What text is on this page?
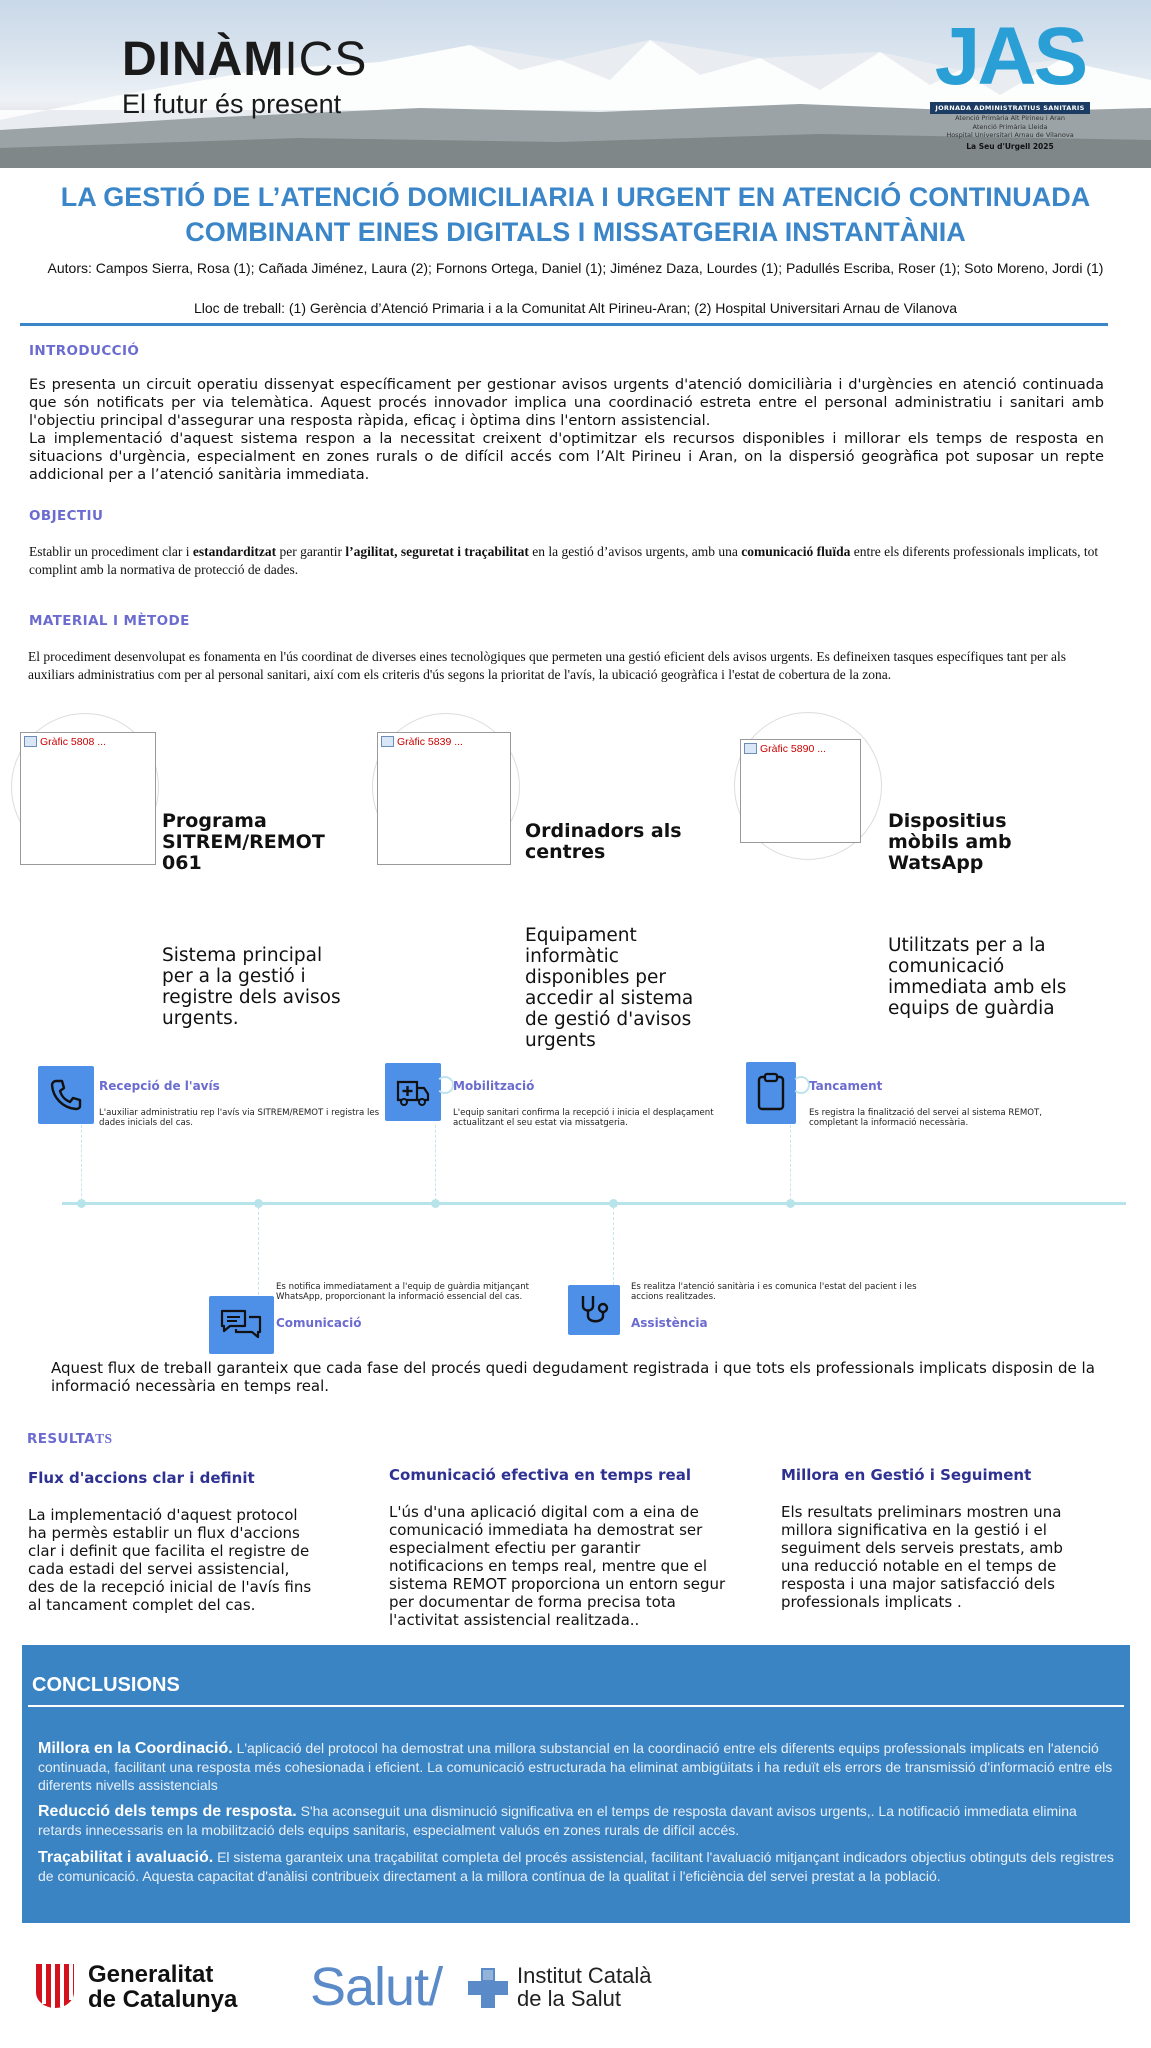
DINÀMICS
El futur és present
JAS
JORNADA ADMINISTRATIUS SANITARIS
Atenció Primària Alt Pirineu i Aran
Atenció Primària Lleida
Hospital Universitari Arnau de Vilanova
La Seu d'Urgell 2025
LA GESTIÓ DE L’ATENCIÓ DOMICILIARIA I URGENT EN ATENCIÓ CONTINUADA
COMBINANT EINES DIGITALS I MISSATGERIA INSTANTÀNIA
Autors: Campos Sierra, Rosa (1); Cañada Jiménez, Laura (2); Fornons Ortega, Daniel (1); Jiménez Daza, Lourdes (1); Padullés Escriba, Roser (1); Soto Moreno, Jordi (1)
Lloc de treball: (1) Gerència d’Atenció Primaria i a la Comunitat Alt Pirineu-Aran; (2) Hospital Universitari Arnau de Vilanova
INTRODUCCIÓ
Es presenta un circuit operatiu dissenyat específicament per gestionar avisos urgents d'atenció domiciliària i d'urgències en atenció continuada que són notificats per via telemàtica. Aquest procés innovador implica una coordinació estreta entre el personal administratiu i sanitari amb l'objectiu principal d'assegurar una resposta ràpida, eficaç i òptima dins l'entorn assistencial.
La implementació d'aquest sistema respon a la necessitat creixent d'optimitzar els recursos disponibles i millorar els temps de resposta en situacions d'urgència, especialment en zones rurals o de difícil accés com l’Alt Pirineu i Aran, on la dispersió geogràfica pot suposar un repte addicional per a l’atenció sanitària immediata.
OBJECTIU
Establir un procediment clar i estandarditzat per garantir l’agilitat, seguretat i traçabilitat en la gestió d’avisos urgents, amb una comunicació fluïda entre els diferents professionals implicats, tot complint amb la normativa de protecció de dades.
MATERIAL I MÈTODE
El procediment desenvolupat es fonamenta en l'ús coordinat de diverses eines tecnològiques que permeten una gestió eficient dels avisos urgents. Es defineixen tasques específiques tant per als auxiliars administratius com per al personal sanitari, així com els criteris d'ús segons la prioritat de l'avís, la ubicació geogràfica i l'estat de cobertura de la zona.
Gràfic 5808 ...
Programa SITREM/REMOT 061
Sistema principal per a la gestió i registre dels avisos urgents.
Gràfic 5839 ...
Ordinadors als centres
Equipament informàtic disponibles per accedir al sistema de gestió d'avisos urgents
Gràfic 5890 ...
Dispositius mòbils amb WatsApp
Utilitzats per a la comunicació immediata amb els equips de guàrdia
Recepció de l'avís
L'auxiliar administratiu rep l'avís via SITREM/REMOT i registra les dades inicials del cas.
Comunicació
Es notifica immediatament a l'equip de guàrdia mitjançant WhatsApp, proporcionant la informació essencial del cas.
Mobilització
L'equip sanitari confirma la recepció i inicia el desplaçament actualitzant el seu estat via missatgeria.
Assistència
Es realitza l'atenció sanitària i es comunica l'estat del pacient i les accions realitzades.
Tancament
Es registra la finalització del servei al sistema REMOT, completant la informació necessària.
Aquest flux de treball garanteix que cada fase del procés quedi degudament registrada i que tots els professionals implicats disposin de la informació necessària en temps real.
RESULTATS
Flux d'accions clar i definit
La implementació d'aquest protocol ha permès establir un flux d'accions clar i definit que facilita el registre de cada estadi del servei assistencial, des de la recepció inicial de l'avís fins al tancament complet del cas.
Comunicació efectiva en temps real
L'ús d'una aplicació digital com a eina de comunicació immediata ha demostrat ser especialment efectiu per garantir notificacions en temps real, mentre que el sistema REMOT proporciona un entorn segur per documentar de forma precisa tota l'activitat assistencial realitzada..
Millora en Gestió i Seguiment
Els resultats preliminars mostren una millora significativa en la gestió i el seguiment dels serveis prestats, amb una reducció notable en el temps de resposta i una major satisfacció dels professionals implicats .
CONCLUSIONS
Millora en la Coordinació. L'aplicació del protocol ha demostrat una millora substancial en la coordinació entre els diferents equips professionals implicats en l'atenció continuada, facilitant una resposta més cohesionada i eficient. La comunicació estructurada ha eliminat ambigüitats i ha reduït els errors de transmissió d'informació entre els diferents nivells assistencials
Reducció dels temps de resposta. S'ha aconseguit una disminució significativa en el temps de resposta davant avisos urgents,. La notificació immediata elimina retards innecessaris en la mobilització dels equips sanitaris, especialment valuós en zones rurals de difícil accés.
Traçabilitat i avaluació. El sistema garanteix una traçabilitat completa del procés assistencial, facilitant l'avaluació mitjançant indicadors objectius obtinguts dels registres de comunicació. Aquesta capacitat d'anàlisi contribueix directament a la millora contínua de la qualitat i l'eficiència del servei prestat a la població.
Generalitat
de Catalunya Salut/	Institut Català
de la Salut
